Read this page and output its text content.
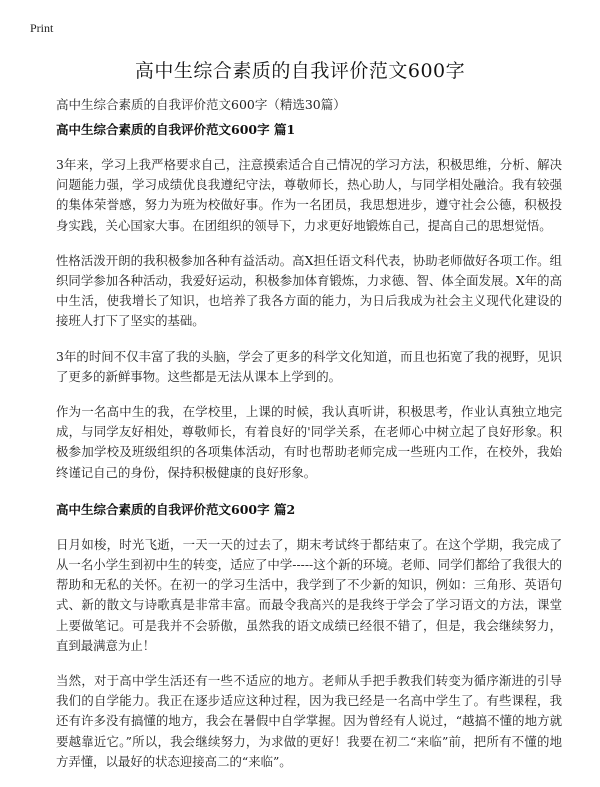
Print
高中生综合素质的自我评价范文600字
高中生综合素质的自我评价范文600字（精选30篇）
高中生综合素质的自我评价范文600字 篇1

3年来，学习上我严格要求自己，注意摸索适合自己情况的学习方法，积极思维，分析、解决问题能力强，学习成绩优良我遵纪守法，尊敬师长，热心助人，与同学相处融洽。我有较强的集体荣誉感，努力为班为校做好事。作为一名团员，我思想进步，遵守社会公德，积极投身实践，关心国家大事。在团组织的领导下，力求更好地锻炼自己，提高自己的思想觉悟。

性格活泼开朗的我积极参加各种有益活动。高X担任语文科代表，协助老师做好各项工作。组织同学参加各种活动，我爱好运动，积极参加体育锻炼，力求德、智、体全面发展。X年的高中生活，使我增长了知识，也培养了我各方面的能力，为日后我成为社会主义现代化建设的接班人打下了坚实的基础。

3年的时间不仅丰富了我的头脑，学会了更多的科学文化知道，而且也拓宽了我的视野，见识了更多的新鲜事物。这些都是无法从课本上学到的。

作为一名高中生的我，在学校里，上课的时候，我认真听讲，积极思考，作业认真独立地完成，与同学友好相处，尊敬师长，有着良好的'同学关系，在老师心中树立起了良好形象。积极参加学校及班级组织的各项集体活动，有时也帮助老师完成一些班内工作，在校外，我始终谨记自己的身份，保持积极健康的良好形象。

高中生综合素质的自我评价范文600字 篇2

日月如梭，时光飞逝，一天一天的过去了，期末考试终于都结束了。在这个学期，我完成了从一名小学生到初中生的转变，适应了中学-----这个新的环境。老师、同学们都给了我很大的帮助和无私的关怀。在初一的学习生活中，我学到了不少新的知识，例如：三角形、英语句式、新的散文与诗歌真是非常丰富。而最令我高兴的是我终于学会了学习语文的方法，课堂上要做笔记。可是我并不会骄傲，虽然我的语文成绩已经很不错了，但是，我会继续努力，直到最满意为止！

当然，对于高中学生活还有一些不适应的地方。老师从手把手教我们转变为循序渐进的引导我们的自学能力。我正在逐步适应这种过程，因为我已经是一名高中学生了。有些课程，我还有许多没有搞懂的地方，我会在暑假中自学掌握。因为曾经有人说过，“越搞不懂的地方就要越靠近它。”所以，我会继续努力，为求做的更好！我要在初二“来临”前，把所有不懂的地方弄懂，以最好的状态迎接高二的“来临”。
